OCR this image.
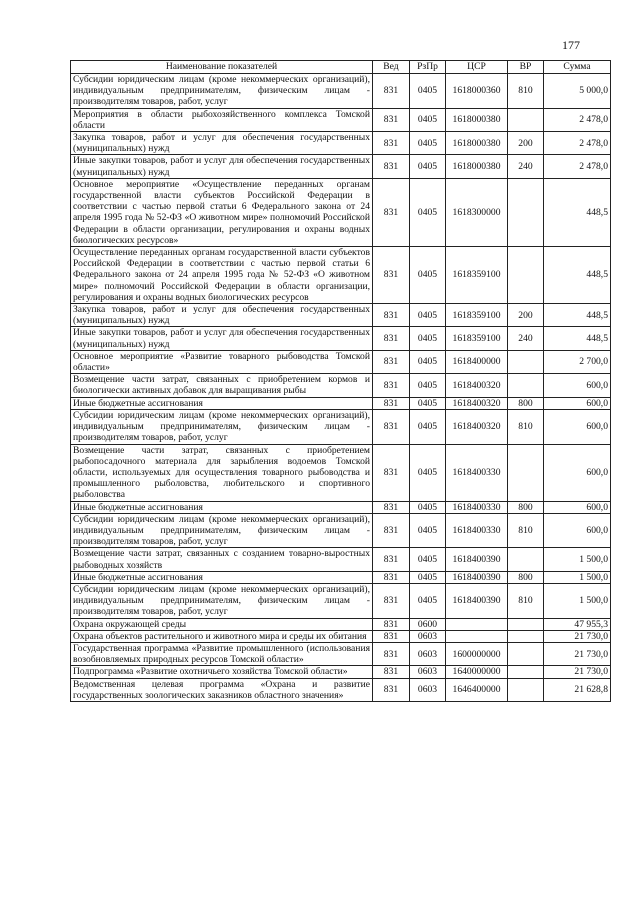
177
Наименование показателей	Вед	РзПр	ЦСР	ВР	Сумма
Субсидии юридическим лицам (кроме некоммерческих организаций), индивидуальным предпринимателям, физическим лицам - производителям товаров, работ, услуг	831	0405	1618000360	810	5 000,0
Мероприятия в области рыбохозяйственного комплекса Томской области	831	0405	1618000380		2 478,0
Закупка товаров, работ и услуг для обеспечения государственных (муниципальных) нужд	831	0405	1618000380	200	2 478,0
Иные закупки товаров, работ и услуг для обеспечения государственных (муниципальных) нужд	831	0405	1618000380	240	2 478,0
Основное мероприятие «Осуществление переданных органам государственной власти субъектов Российской Федерации в соответствии с частью первой статьи 6 Федерального закона от 24 апреля 1995 года № 52-ФЗ «О животном мире» полномочий Российской Федерации в области организации, регулирования и охраны водных биологических ресурсов»	831	0405	1618300000		448,5
Осуществление переданных органам государственной власти субъектов Российской Федерации в соответствии с частью первой статьи 6 Федерального закона от 24 апреля 1995 года № 52-ФЗ «О животном мире» полномочий Российской Федерации в области организации, регулирования и охраны водных биологических ресурсов	831	0405	1618359100		448,5
Закупка товаров, работ и услуг для обеспечения государственных (муниципальных) нужд	831	0405	1618359100	200	448,5
Иные закупки товаров, работ и услуг для обеспечения государственных (муниципальных) нужд	831	0405	1618359100	240	448,5
Основное мероприятие «Развитие товарного рыбоводства Томской области»	831	0405	1618400000		2 700,0
Возмещение части затрат, связанных с приобретением кормов и биологически активных добавок для выращивания рыбы	831	0405	1618400320		600,0
Иные бюджетные ассигнования	831	0405	1618400320	800	600,0
Субсидии юридическим лицам (кроме некоммерческих организаций), индивидуальным предпринимателям, физическим лицам - производителям товаров, работ, услуг	831	0405	1618400320	810	600,0
Возмещение части затрат, связанных с приобретением рыбопосадочного материала для зарыбления водоемов Томской области, используемых для осуществления товарного рыбоводства и промышленного рыболовства, любительского и спортивного рыболовства	831	0405	1618400330		600,0
Иные бюджетные ассигнования	831	0405	1618400330	800	600,0
Субсидии юридическим лицам (кроме некоммерческих организаций), индивидуальным предпринимателям, физическим лицам - производителям товаров, работ, услуг	831	0405	1618400330	810	600,0
Возмещение части затрат, связанных с созданием товарно-выростных рыбоводных хозяйств	831	0405	1618400390		1 500,0
Иные бюджетные ассигнования	831	0405	1618400390	800	1 500,0
Субсидии юридическим лицам (кроме некоммерческих организаций), индивидуальным предпринимателям, физическим лицам - производителям товаров, работ, услуг	831	0405	1618400390	810	1 500,0
Охрана окружающей среды	831	0600			47 955,3
Охрана объектов растительного и животного мира и среды их обитания	831	0603			21 730,0
Государственная программа «Развитие промышленного (использования возобновляемых природных ресурсов Томской области»	831	0603	1600000000		21 730,0
Подпрограмма «Развитие охотничьего хозяйства Томской области»	831	0603	1640000000		21 730,0
Ведомственная целевая программа «Охрана и развитие государственных зоологических заказников областного значения»	831	0603	1646400000		21 628,8
